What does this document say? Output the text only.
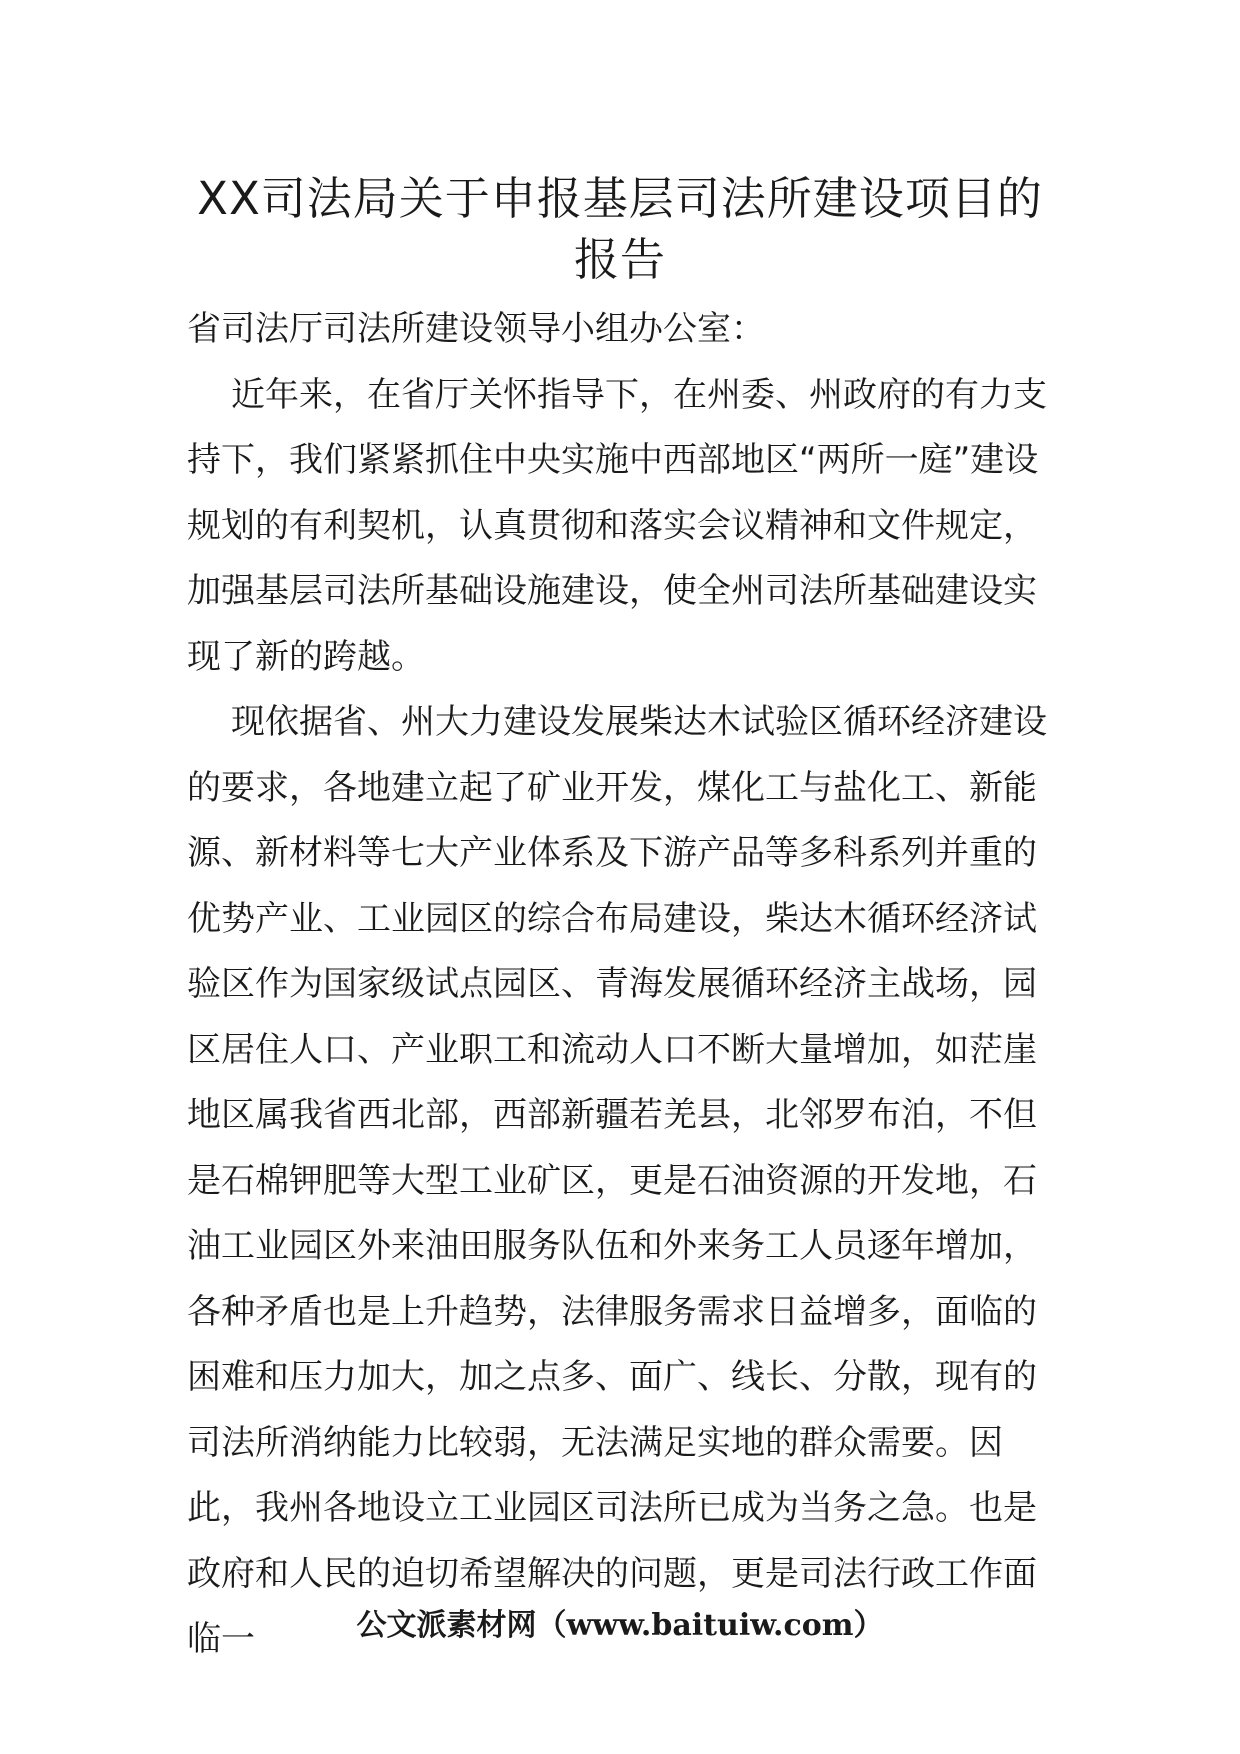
XX司法局关于申报基层司法所建设项目的
报告

省司法厅司法所建设领导小组办公室：

近年来，在省厅关怀指导下，在州委、州政府的有力支持下，我们紧紧抓住中央实施中西部地区“两所一庭”建设规划的有利契机，认真贯彻和落实会议精神和文件规定，加强基层司法所基础设施建设，使全州司法所基础建设实现了新的跨越。

现依据省、州大力建设发展柴达木试验区循环经济建设的要求，各地建立起了矿业开发，煤化工与盐化工、新能源、新材料等七大产业体系及下游产品等多科系列并重的优势产业、工业园区的综合布局建设，柴达木循环经济试验区作为国家级试点园区、青海发展循环经济主战场，园区居住人口、产业职工和流动人口不断大量增加，如茫崖地区属我省西北部，西部新疆若羌县，北邻罗布泊，不但是石棉钾肥等大型工业矿区，更是石油资源的开发地，石油工业园区外来油田服务队伍和外来务工人员逐年增加，各种矛盾也是上升趋势，法律服务需求日益增多，面临的困难和压力加大，加之点多、面广、线长、分散，现有的司法所消纳能力比较弱，无法满足实地的群众需要。因此，我州各地设立工业园区司法所已成为当务之急。也是政府和人民的迫切希望解决的问题，更是司法行政工作面临一	公文派素材网（www.baituiw.com）
